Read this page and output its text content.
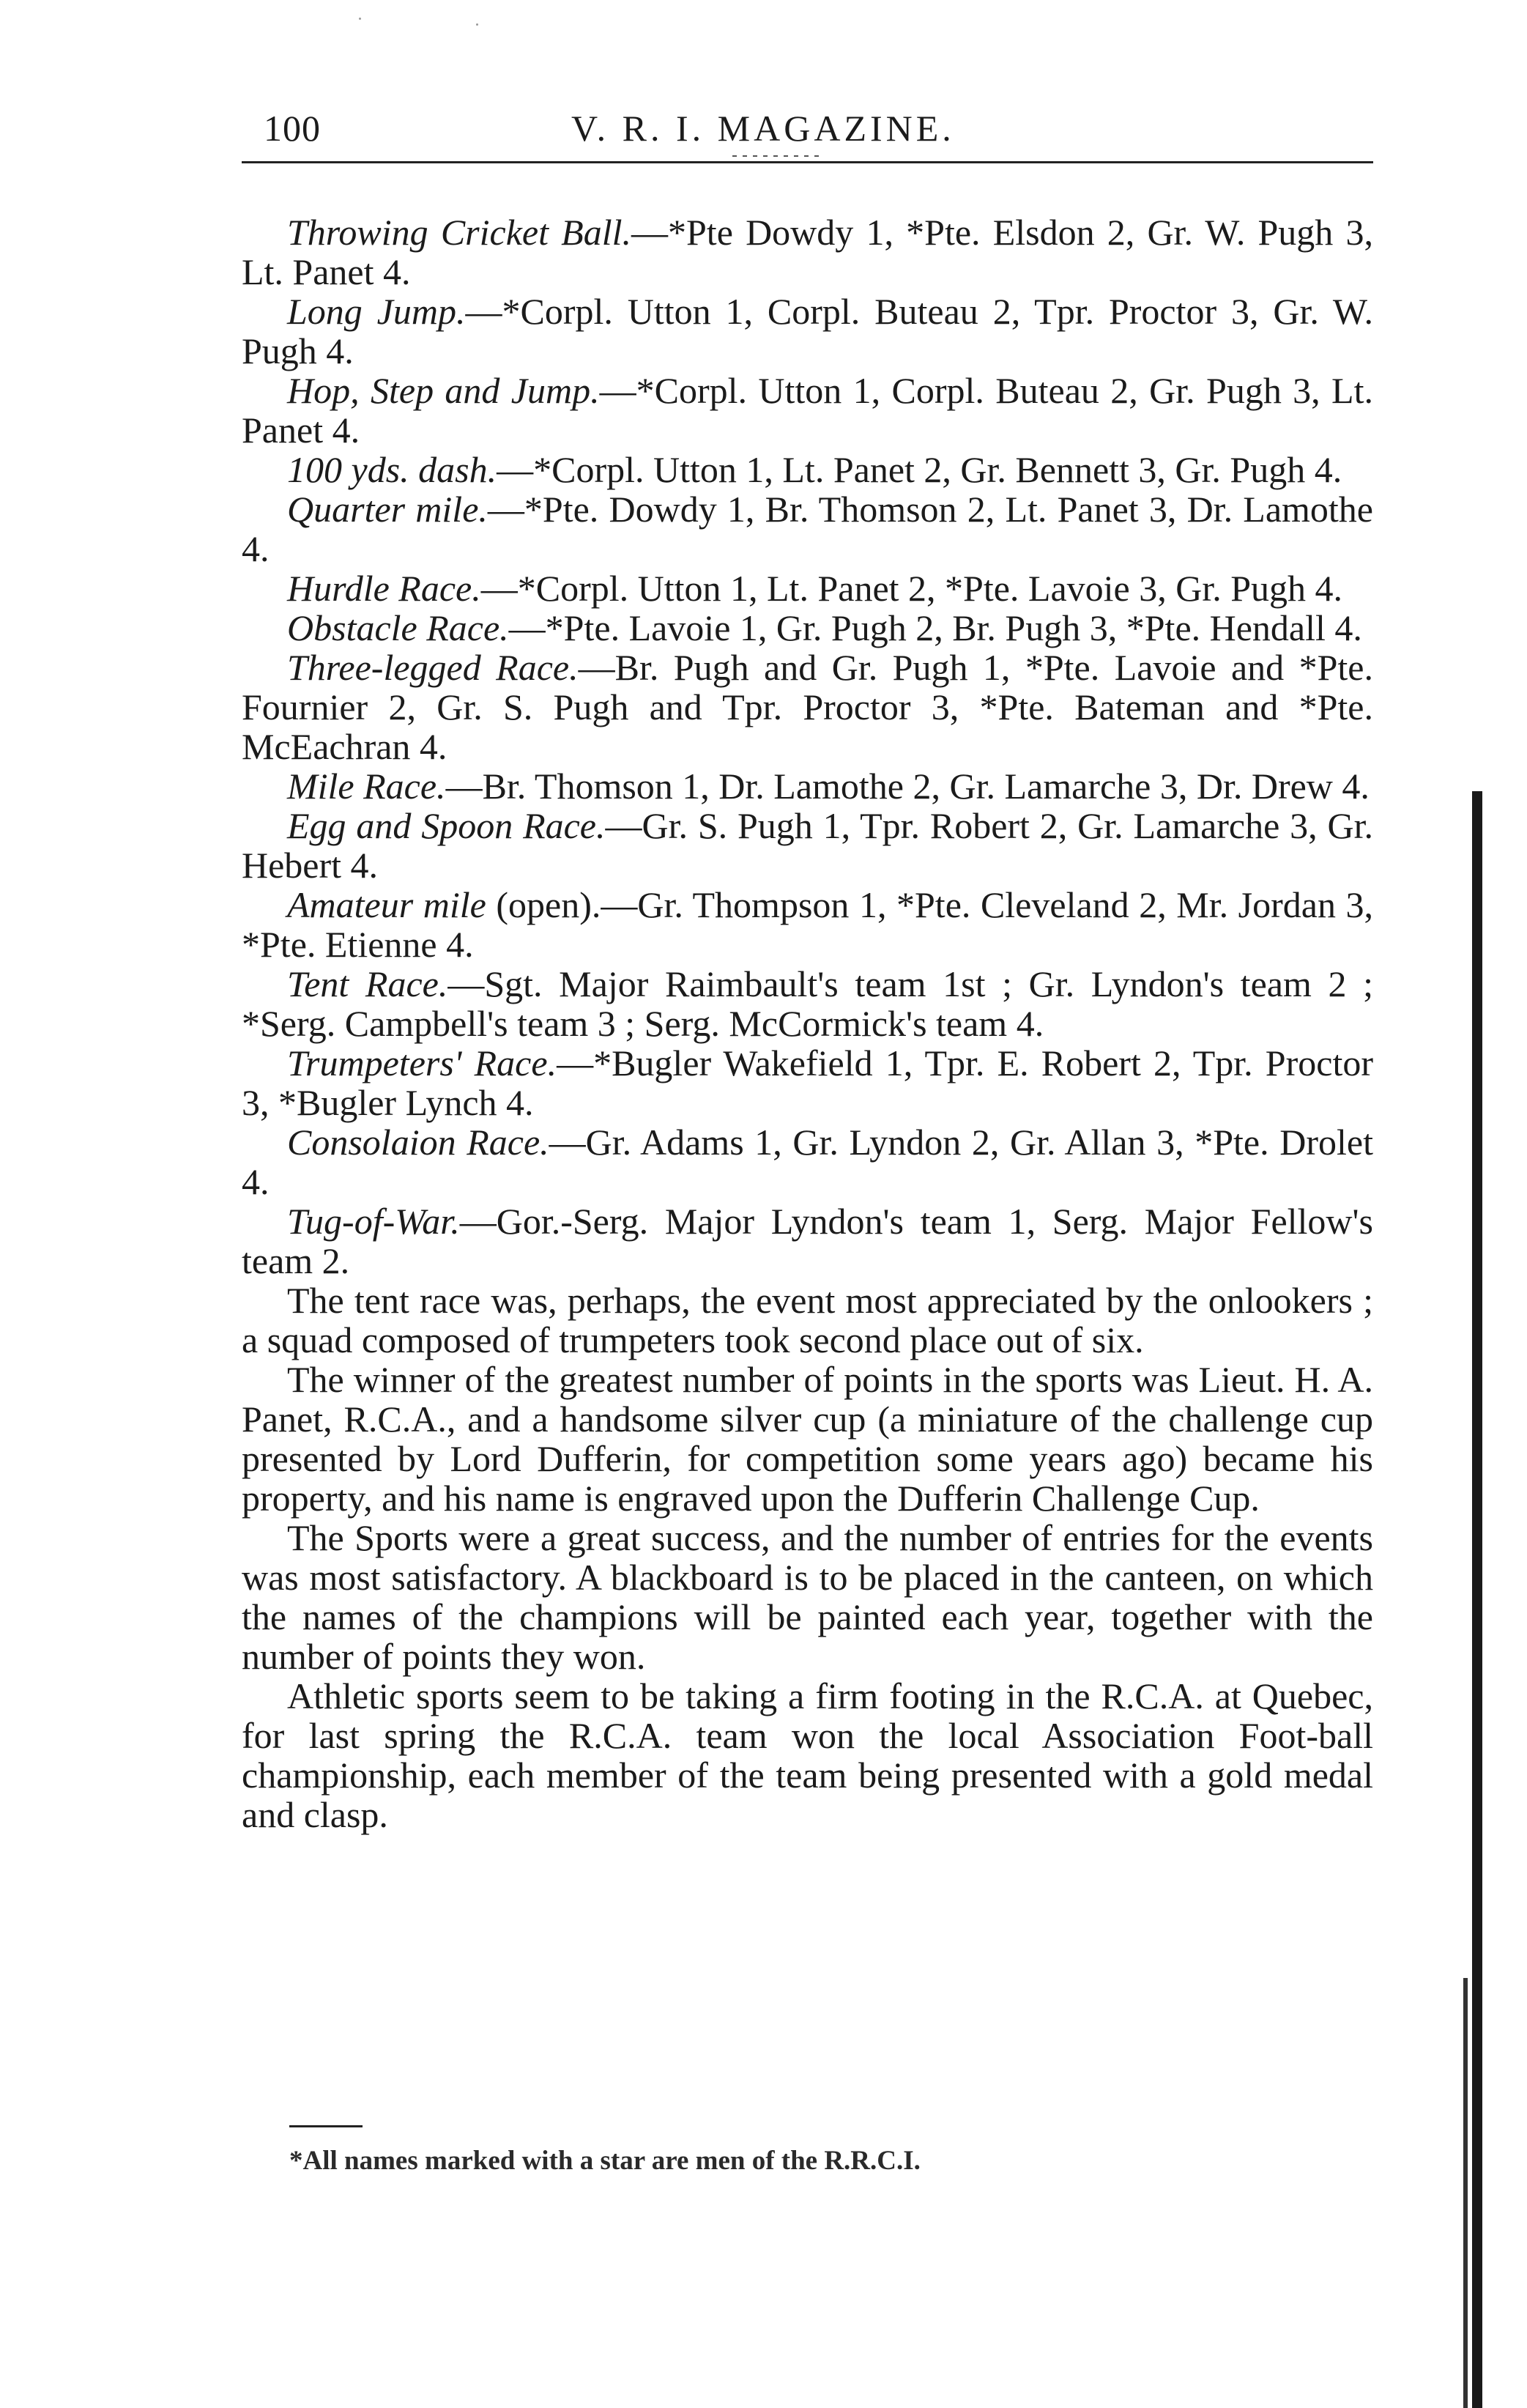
100	V. R. I. MAGAZINE.

Throwing Cricket Ball.—*Pte Dowdy 1, *Pte. Elsdon 2, Gr. W. Pugh 3, Lt. Panet 4.

Long Jump.—*Corpl. Utton 1, Corpl. Buteau 2, Tpr. Proctor 3, Gr. W. Pugh 4.

Hop, Step and Jump.—*Corpl. Utton 1, Corpl. Buteau 2, Gr. Pugh 3, Lt. Panet 4.

100 yds. dash.—*Corpl. Utton 1, Lt. Panet 2, Gr. Bennett 3, Gr. Pugh 4.

Quarter mile.—*Pte. Dowdy 1, Br. Thomson 2, Lt. Panet 3, Dr. Lamothe 4.

Hurdle Race.—*Corpl. Utton 1, Lt. Panet 2, *Pte. Lavoie 3, Gr. Pugh 4.

Obstacle Race.—*Pte. Lavoie 1, Gr. Pugh 2, Br. Pugh 3, *Pte. Hendall 4.

Three-legged Race.—Br. Pugh and Gr. Pugh 1, *Pte. Lavoie and *Pte. Fournier 2, Gr. S. Pugh and Tpr. Proctor 3, *Pte. Bateman and *Pte. McEachran 4.

Mile Race.—Br. Thomson 1, Dr. Lamothe 2, Gr. Lamarche 3, Dr. Drew 4.

Egg and Spoon Race.—Gr. S. Pugh 1, Tpr. Robert 2, Gr. Lamarche 3, Gr. Hebert 4.

Amateur mile (open).—Gr. Thompson 1, *Pte. Cleveland 2, Mr. Jordan 3, *Pte. Etienne 4.

Tent Race.—Sgt. Major Raimbault's team 1st ; Gr. Lyndon's team 2 ; *Serg. Campbell's team 3 ; Serg. McCormick's team 4.

Trumpeters' Race.—*Bugler Wakefield 1, Tpr. E. Robert 2, Tpr. Proctor 3, *Bugler Lynch 4.

Consolaion Race.—Gr. Adams 1, Gr. Lyndon 2, Gr. Allan 3, *Pte. Drolet 4.

Tug-of-War.—Gor.-Serg. Major Lyndon's team 1, Serg. Major Fellow's team 2.

The tent race was, perhaps, the event most appreciated by the onlookers ; a squad composed of trumpeters took second place out of six.

The winner of the greatest number of points in the sports was Lieut. H. A. Panet, R.C.A., and a handsome silver cup (a miniature of the challenge cup presented by Lord Dufferin, for competition some years ago) became his property, and his name is engraved upon the Dufferin Challenge Cup.

The Sports were a great success, and the number of entries for the events was most satisfactory. A blackboard is to be placed in the canteen, on which the names of the champions will be painted each year, together with the number of points they won.

Athletic sports seem to be taking a firm footing in the R.C.A. at Quebec, for last spring the R.C.A. team won the local Association Foot-ball championship, each member of the team being presented with a gold medal and clasp.

*All names marked with a star are men of the R.R.C.I.
